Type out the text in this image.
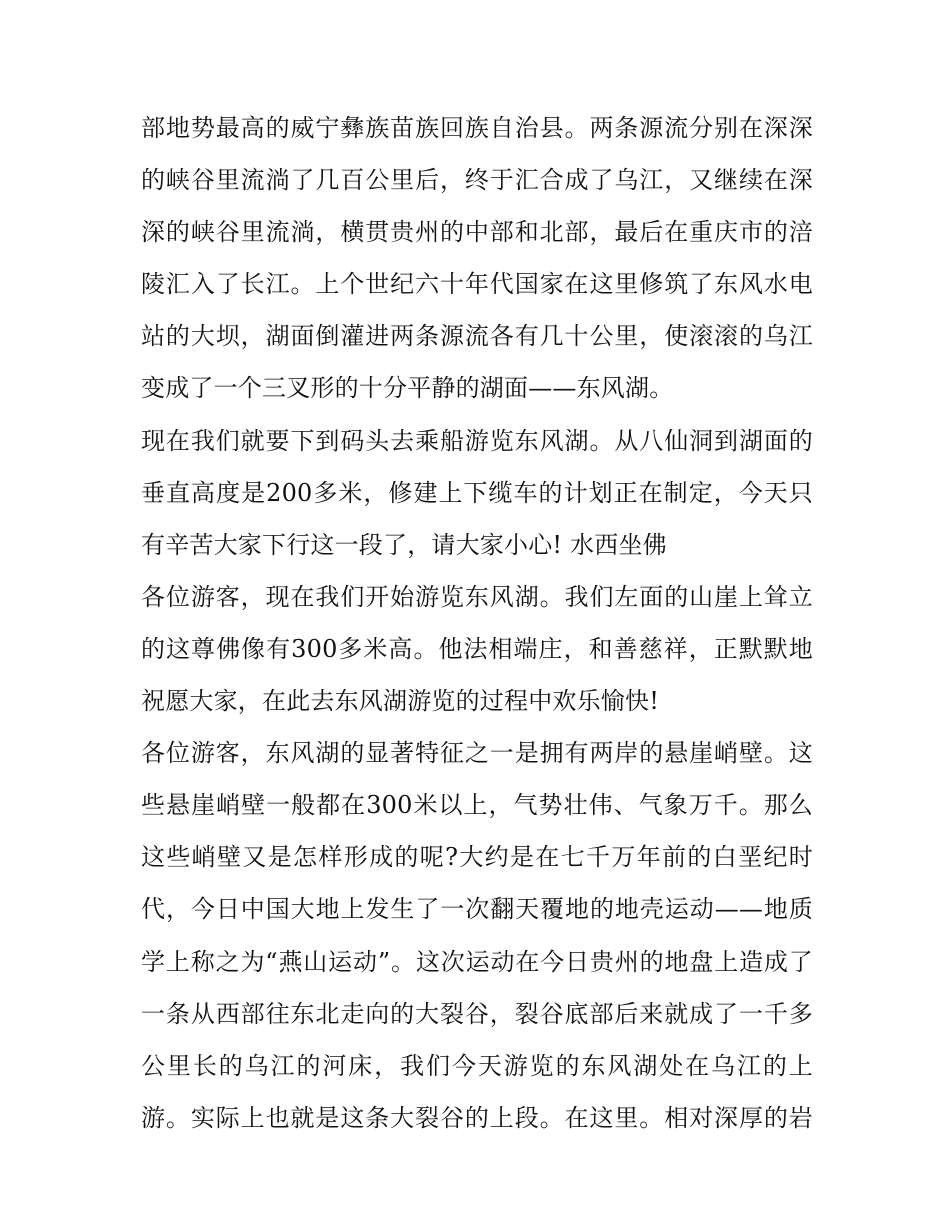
部地势最高的威宁彝族苗族回族自治县。两条源流分别在深深
的峡谷里流淌了几百公里后，终于汇合成了乌江，又继续在深
深的峡谷里流淌，横贯贵州的中部和北部，最后在重庆市的涪
陵汇入了长江。上个世纪六十年代国家在这里修筑了东风水电
站的大坝，湖面倒灌进两条源流各有几十公里，使滚滚的乌江
变成了一个三叉形的十分平静的湖面——东风湖。
现在我们就要下到码头去乘船游览东风湖。从八仙洞到湖面的
垂直高度是200多米，修建上下缆车的计划正在制定，今天只
有辛苦大家下行这一段了，请大家小心! 水西坐佛
各位游客，现在我们开始游览东风湖。我们左面的山崖上耸立
的这尊佛像有300多米高。他法相端庄，和善慈祥，正默默地
祝愿大家，在此去东风湖游览的过程中欢乐愉快!
各位游客，东风湖的显著特征之一是拥有两岸的悬崖峭壁。这
些悬崖峭壁一般都在300米以上，气势壮伟、气象万千。那么
这些峭壁又是怎样形成的呢?大约是在七千万年前的白垩纪时
代，今日中国大地上发生了一次翻天覆地的地壳运动——地质
学上称之为“燕山运动”。这次运动在今日贵州的地盘上造成了
一条从西部往东北走向的大裂谷，裂谷底部后来就成了一千多
公里长的乌江的河床，我们今天游览的东风湖处在乌江的上
游。实际上也就是这条大裂谷的上段。在这里。相对深厚的岩
